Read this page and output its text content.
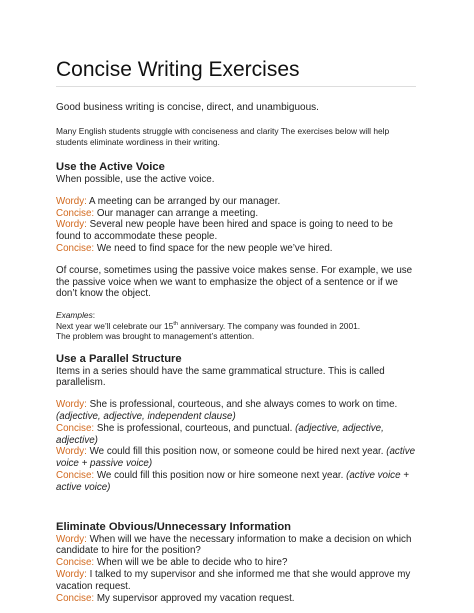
Concise Writing Exercises

Good business writing is concise, direct, and unambiguous.

Many English students struggle with conciseness and clarity The exercises below will help students eliminate wordiness in their writing.

Use the Active Voice

When possible, use the active voice.

Wordy: A meeting can be arranged by our manager.

Concise: Our manager can arrange a meeting.

Wordy: Several new people have been hired and space is going to need to be found to accommodate these people.

Concise: We need to find space for the new people we’ve hired.

Of course, sometimes using the passive voice makes sense. For example, we use the passive voice when we want to emphasize the object of a sentence or if we don’t know the object.

Examples:

Next year we’ll celebrate our 15th anniversary. The company was founded in 2001.

The problem was brought to management’s attention.

Use a Parallel Structure

Items in a series should have the same grammatical structure. This is called parallelism.

Wordy: She is professional, courteous, and she always comes to work on time. (adjective, adjective, independent clause)

Concise: She is professional, courteous, and punctual. (adjective, adjective, adjective)

Wordy: We could fill this position now, or someone could be hired next year. (active voice + passive voice)

Concise: We could fill this position now or hire someone next year. (active voice + active voice)

Eliminate Obvious/Unnecessary Information

Wordy: When will we have the necessary information to make a decision on which candidate to hire for the position?

Concise: When will we be able to decide who to hire?

Wordy: I talked to my supervisor and she informed me that she would approve my vacation request.

Concise: My supervisor approved my vacation request.
